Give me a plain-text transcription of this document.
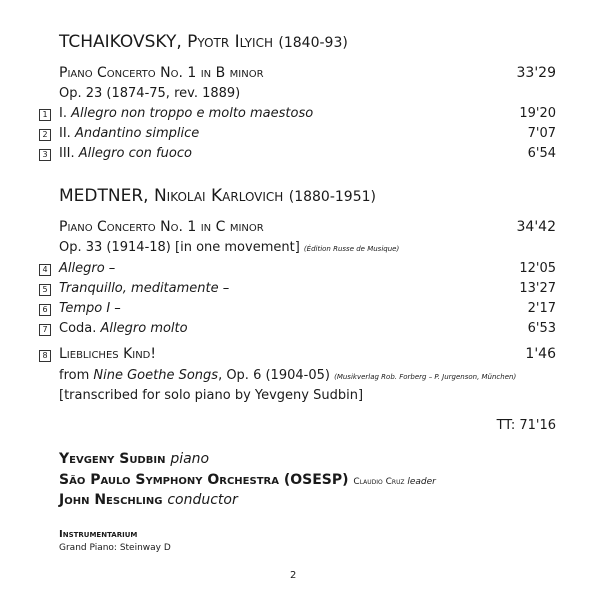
TCHAIKOVSKY, Pyotr Ilyich (1840-93)
Piano Concerto No. 1 in B minor	33'29
Op. 23 (1874-75, rev. 1889)
1 I. Allegro non troppo e molto maestoso	19'20
2 II. Andantino simplice	7'07
3 III. Allegro con fuoco	6'54
MEDTNER, Nikolai Karlovich (1880-1951)
Piano Concerto No. 1 in C minor	34'42
Op. 33 (1914-18) [in one movement] (Édition Russe de Musique)
4 Allegro –	12'05
5 Tranquillo, meditamente –	13'27
6 Tempo I –	2'17
7 Coda. Allegro molto	6'53
8 Liebliches Kind!	1'46
from Nine Goethe Songs, Op. 6 (1904-05) (Musikverlag Rob. Forberg – P. Jurgenson, München)
[transcribed for solo piano by Yevgeny Sudbin]
TT: 71'16
Yevgeny Sudbin piano
São Paulo Symphony Orchestra (OSESP) Claudio Cruz leader
John Neschling conductor
Instrumentarium
Grand Piano: Steinway D
2
